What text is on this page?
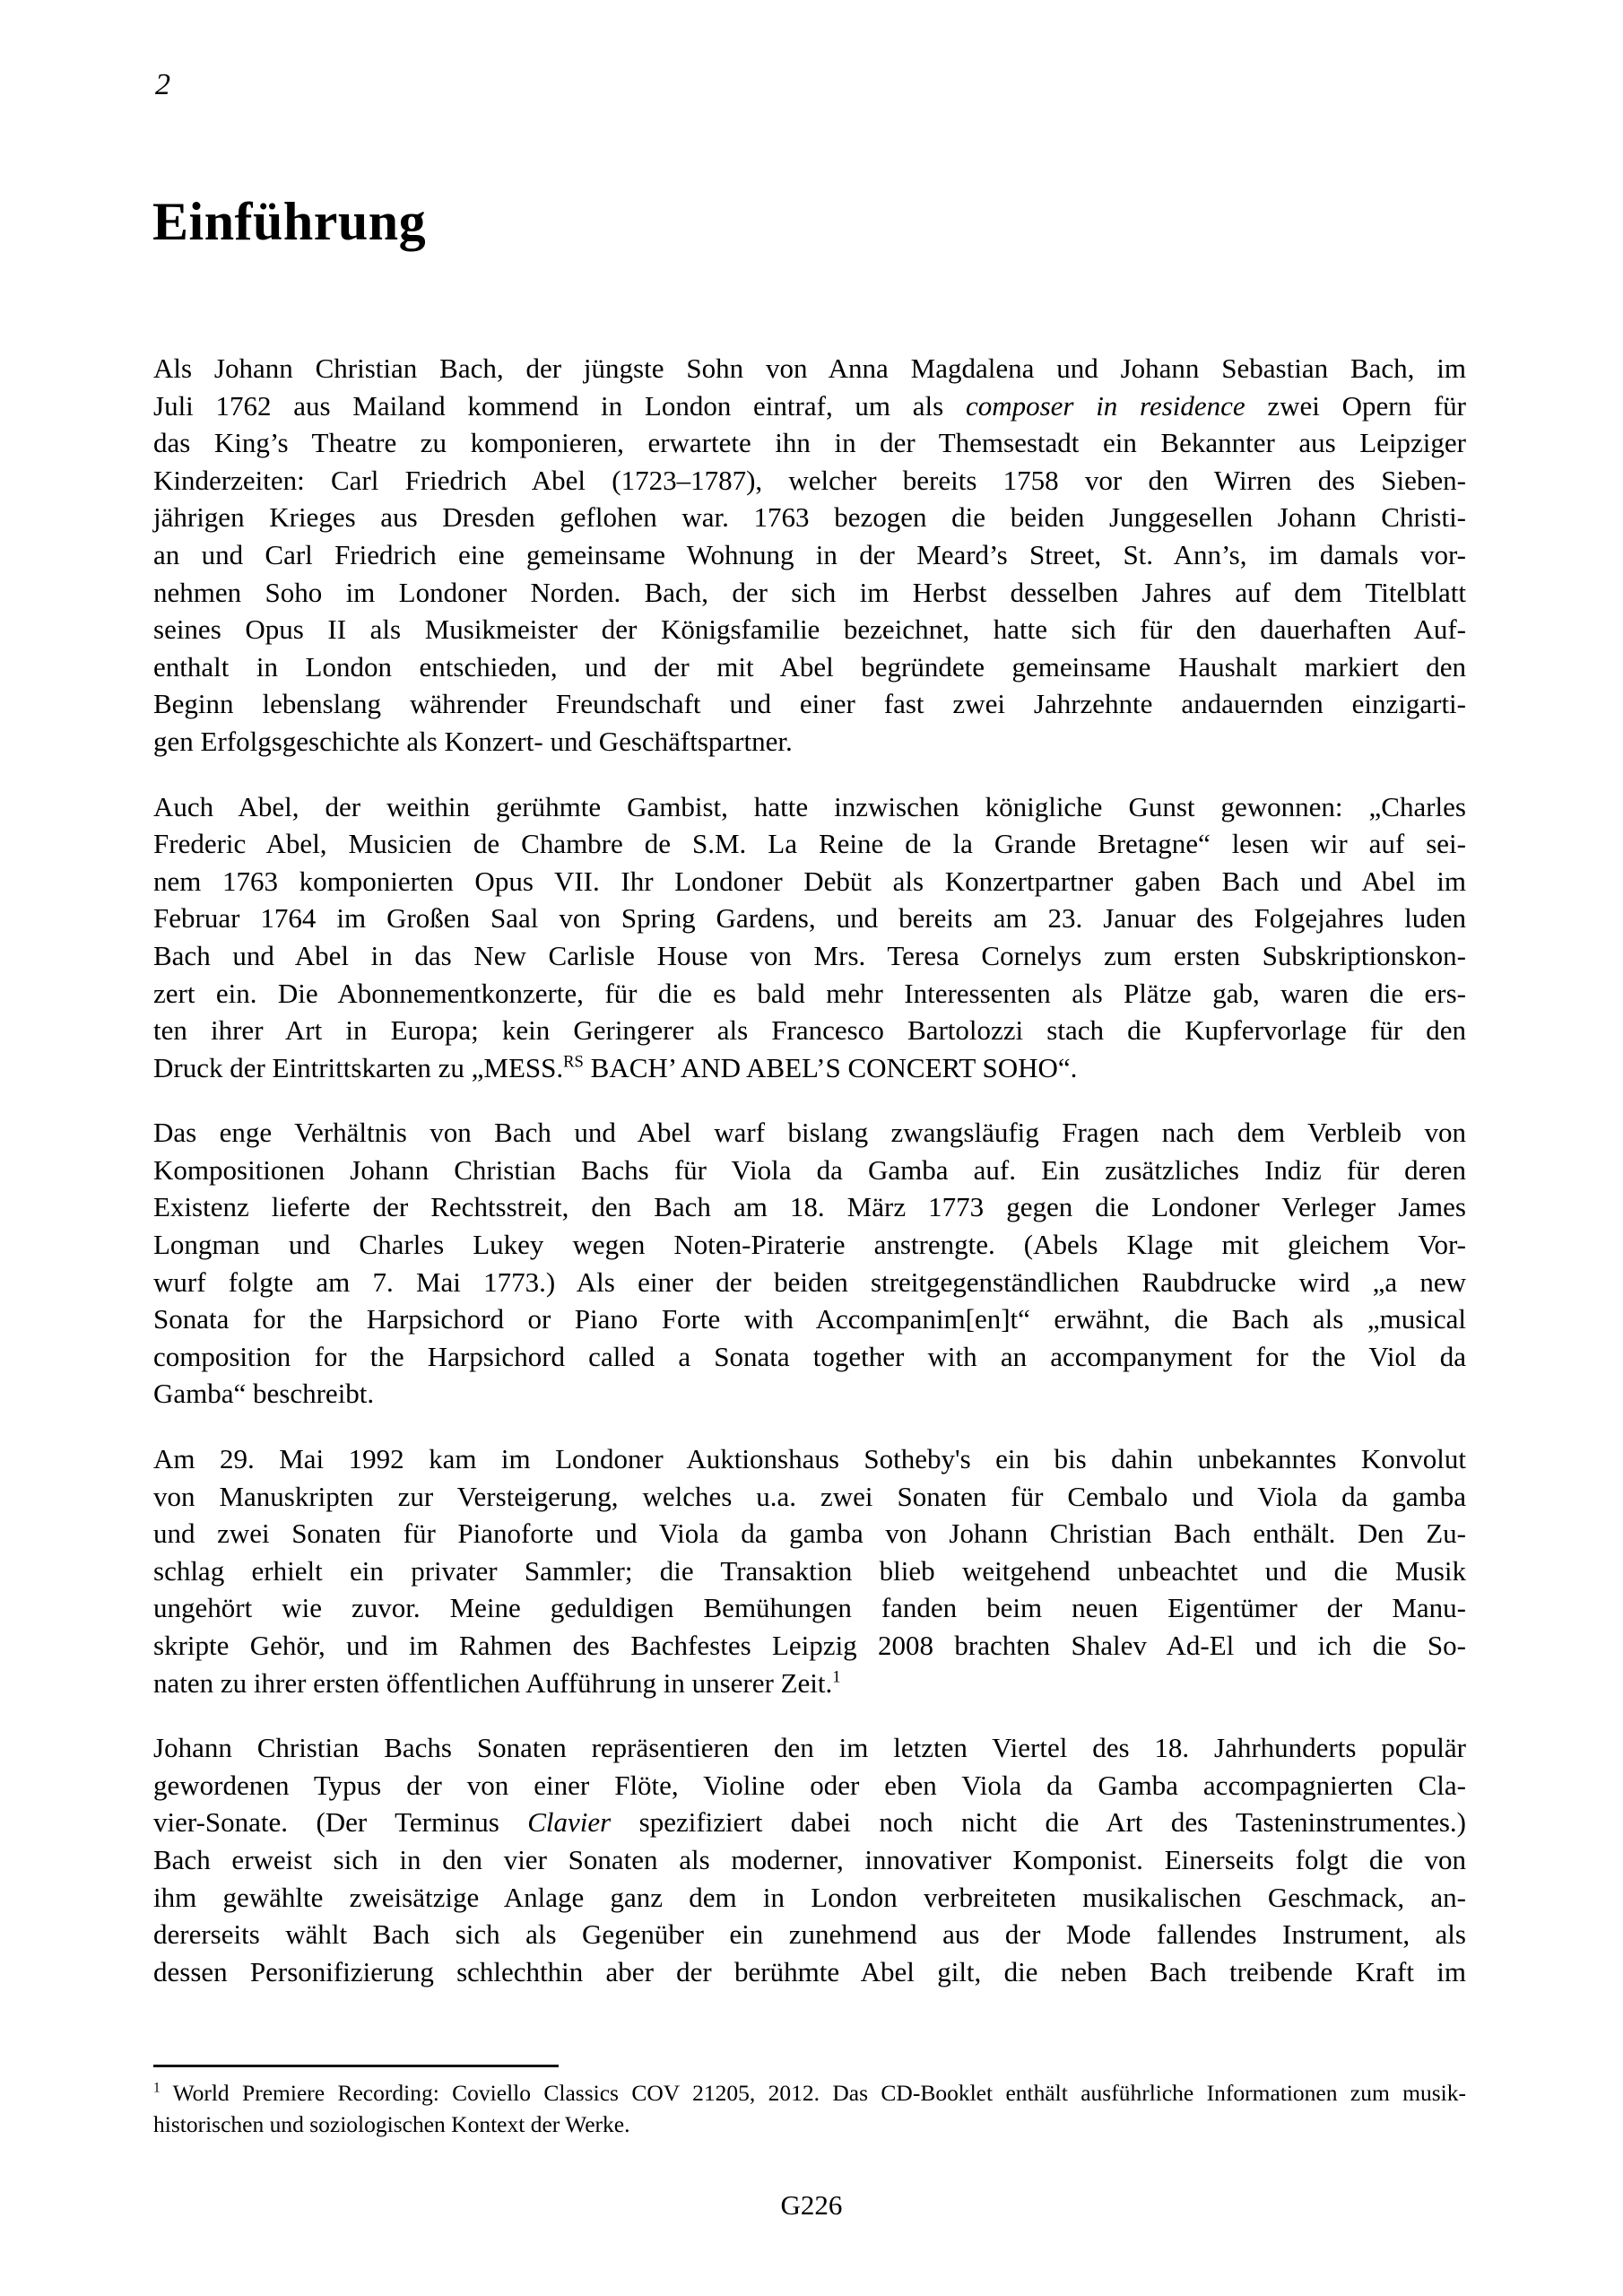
2
Einführung
Als Johann Christian Bach, der jüngste Sohn von Anna Magdalena und Johann Sebastian Bach, im
Juli 1762 aus Mailand kommend in London eintraf, um als composer in residence zwei Opern für
das King’s Theatre zu komponieren, erwartete ihn in der Themsestadt ein Bekannter aus Leipziger
Kinderzeiten: Carl Friedrich Abel (1723–1787), welcher bereits 1758 vor den Wirren des Sieben-
jährigen Krieges aus Dresden geflohen war. 1763 bezogen die beiden Junggesellen Johann Christi-
an und Carl Friedrich eine gemeinsame Wohnung in der Meard’s Street, St. Ann’s, im damals vor-
nehmen Soho im Londoner Norden. Bach, der sich im Herbst desselben Jahres auf dem Titelblatt
seines Opus II als Musikmeister der Königsfamilie bezeichnet, hatte sich für den dauerhaften Auf-
enthalt in London entschieden, und der mit Abel begründete gemeinsame Haushalt markiert den
Beginn lebenslang währender Freundschaft und einer fast zwei Jahrzehnte andauernden einzigarti-
gen Erfolgsgeschichte als Konzert- und Geschäftspartner.
Auch Abel, der weithin gerühmte Gambist, hatte inzwischen königliche Gunst gewonnen: „Charles
Frederic Abel, Musicien de Chambre de S.M. La Reine de la Grande Bretagne“ lesen wir auf sei-
nem 1763 komponierten Opus VII. Ihr Londoner Debüt als Konzertpartner gaben Bach und Abel im
Februar 1764 im Großen Saal von Spring Gardens, und bereits am 23. Januar des Folgejahres luden
Bach und Abel in das New Carlisle House von Mrs. Teresa Cornelys zum ersten Subskriptionskon-
zert ein. Die Abonnementkonzerte, für die es bald mehr Interessenten als Plätze gab, waren die ers-
ten ihrer Art in Europa; kein Geringerer als Francesco Bartolozzi stach die Kupfervorlage für den
Druck der Eintrittskarten zu „MESS.$^{RS}$ BACH’ AND ABEL’S CONCERT SOHO“.
Das enge Verhältnis von Bach und Abel warf bislang zwangsläufig Fragen nach dem Verbleib von
Kompositionen Johann Christian Bachs für Viola da Gamba auf. Ein zusätzliches Indiz für deren
Existenz lieferte der Rechtsstreit, den Bach am 18. März 1773 gegen die Londoner Verleger James
Longman und Charles Lukey wegen Noten-Piraterie anstrengte. (Abels Klage mit gleichem Vor-
wurf folgte am 7. Mai 1773.) Als einer der beiden streitgegenständlichen Raubdrucke wird „a new
Sonata for the Harpsichord or Piano Forte with Accompanim[en]t“ erwähnt, die Bach als „musical
composition for the Harpsichord called a Sonata together with an accompanyment for the Viol da
Gamba“ beschreibt.
Am 29. Mai 1992 kam im Londoner Auktionshaus Sotheby's ein bis dahin unbekanntes Konvolut
von Manuskripten zur Versteigerung, welches u.a. zwei Sonaten für Cembalo und Viola da gamba
und zwei Sonaten für Pianoforte und Viola da gamba von Johann Christian Bach enthält. Den Zu-
schlag erhielt ein privater Sammler; die Transaktion blieb weitgehend unbeachtet und die Musik
ungehört wie zuvor. Meine geduldigen Bemühungen fanden beim neuen Eigentümer der Manu-
skripte Gehör, und im Rahmen des Bachfestes Leipzig 2008 brachten Shalev Ad-El und ich die So-
naten zu ihrer ersten öffentlichen Aufführung in unserer Zeit.$^1$
Johann Christian Bachs Sonaten repräsentieren den im letzten Viertel des 18. Jahrhunderts populär
gewordenen Typus der von einer Flöte, Violine oder eben Viola da Gamba accompagnierten Cla-
vier-Sonate. (Der Terminus Clavier spezifiziert dabei noch nicht die Art des Tasteninstrumentes.)
Bach erweist sich in den vier Sonaten als moderner, innovativer Komponist. Einerseits folgt die von
ihm gewählte zweisätzige Anlage ganz dem in London verbreiteten musikalischen Geschmack, an-
dererseits wählt Bach sich als Gegenüber ein zunehmend aus der Mode fallendes Instrument, als
dessen Personifizierung schlechthin aber der berühmte Abel gilt, die neben Bach treibende Kraft im
$^1$ World Premiere Recording: Coviello Classics COV 21205, 2012. Das CD-Booklet enthält ausführliche Informationen zum musik-
historischen und soziologischen Kontext der Werke.
G226
